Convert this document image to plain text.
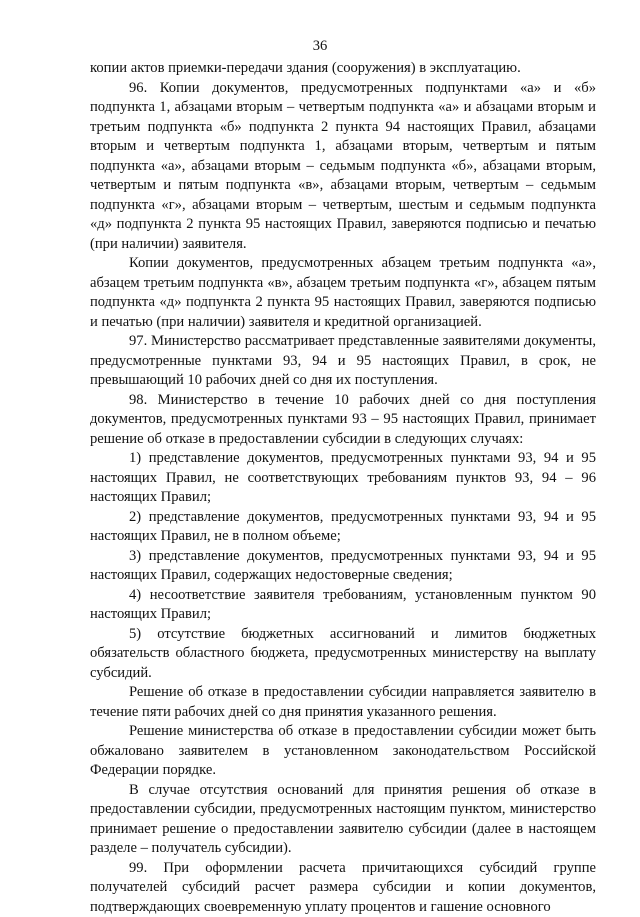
36

копии актов приемки-передачи здания (сооружения) в эксплуатацию.

96. Копии документов, предусмотренных подпунктами «а» и «б» подпункта 1, абзацами вторым – четвертым подпункта «а» и абзацами вторым и третьим подпункта «б» подпункта 2 пункта 94 настоящих Правил, абзацами вторым и четвертым подпункта 1, абзацами вторым, четвертым и пятым подпункта «а», абзацами вторым – седьмым подпункта «б», абзацами вторым, четвертым и пятым подпункта «в», абзацами вторым, четвертым – седьмым подпункта «г», абзацами вторым – четвертым, шестым и седьмым подпункта «д» подпункта 2 пункта 95 настоящих Правил, заверяются подписью и печатью (при наличии) заявителя.

Копии документов, предусмотренных абзацем третьим подпункта «а», абзацем третьим подпункта «в», абзацем третьим подпункта «г», абзацем пятым подпункта «д» подпункта 2 пункта 95 настоящих Правил, заверяются подписью и печатью (при наличии) заявителя и кредитной организацией.

97. Министерство рассматривает представленные заявителями документы, предусмотренные пунктами 93, 94 и 95 настоящих Правил, в срок, не превышающий 10 рабочих дней со дня их поступления.

98. Министерство в течение 10 рабочих дней со дня поступления документов, предусмотренных пунктами 93 – 95 настоящих Правил, принимает решение об отказе в предоставлении субсидии в следующих случаях:

1) представление документов, предусмотренных пунктами 93, 94 и 95 настоящих Правил, не соответствующих требованиям пунктов 93, 94 – 96 настоящих Правил;

2) представление документов, предусмотренных пунктами 93, 94 и 95 настоящих Правил, не в полном объеме;

3) представление документов, предусмотренных пунктами 93, 94 и 95 настоящих Правил, содержащих недостоверные сведения;

4) несоответствие заявителя требованиям, установленным пунктом 90 настоящих Правил;

5) отсутствие бюджетных ассигнований и лимитов бюджетных обязательств областного бюджета, предусмотренных министерству на выплату субсидий.

Решение об отказе в предоставлении субсидии направляется заявителю в течение пяти рабочих дней со дня принятия указанного решения.

Решение министерства об отказе в предоставлении субсидии может быть обжаловано заявителем в установленном законодательством Российской Федерации порядке.

В случае отсутствия оснований для принятия решения об отказе в предоставлении субсидии, предусмотренных настоящим пунктом, министерство принимает решение о предоставлении заявителю субсидии (далее в настоящем разделе – получатель субсидии).

99. При оформлении расчета причитающихся субсидий группе получателей субсидий расчет размера субсидии и копии документов, подтверждающих своевременную уплату процентов и гашение основного
